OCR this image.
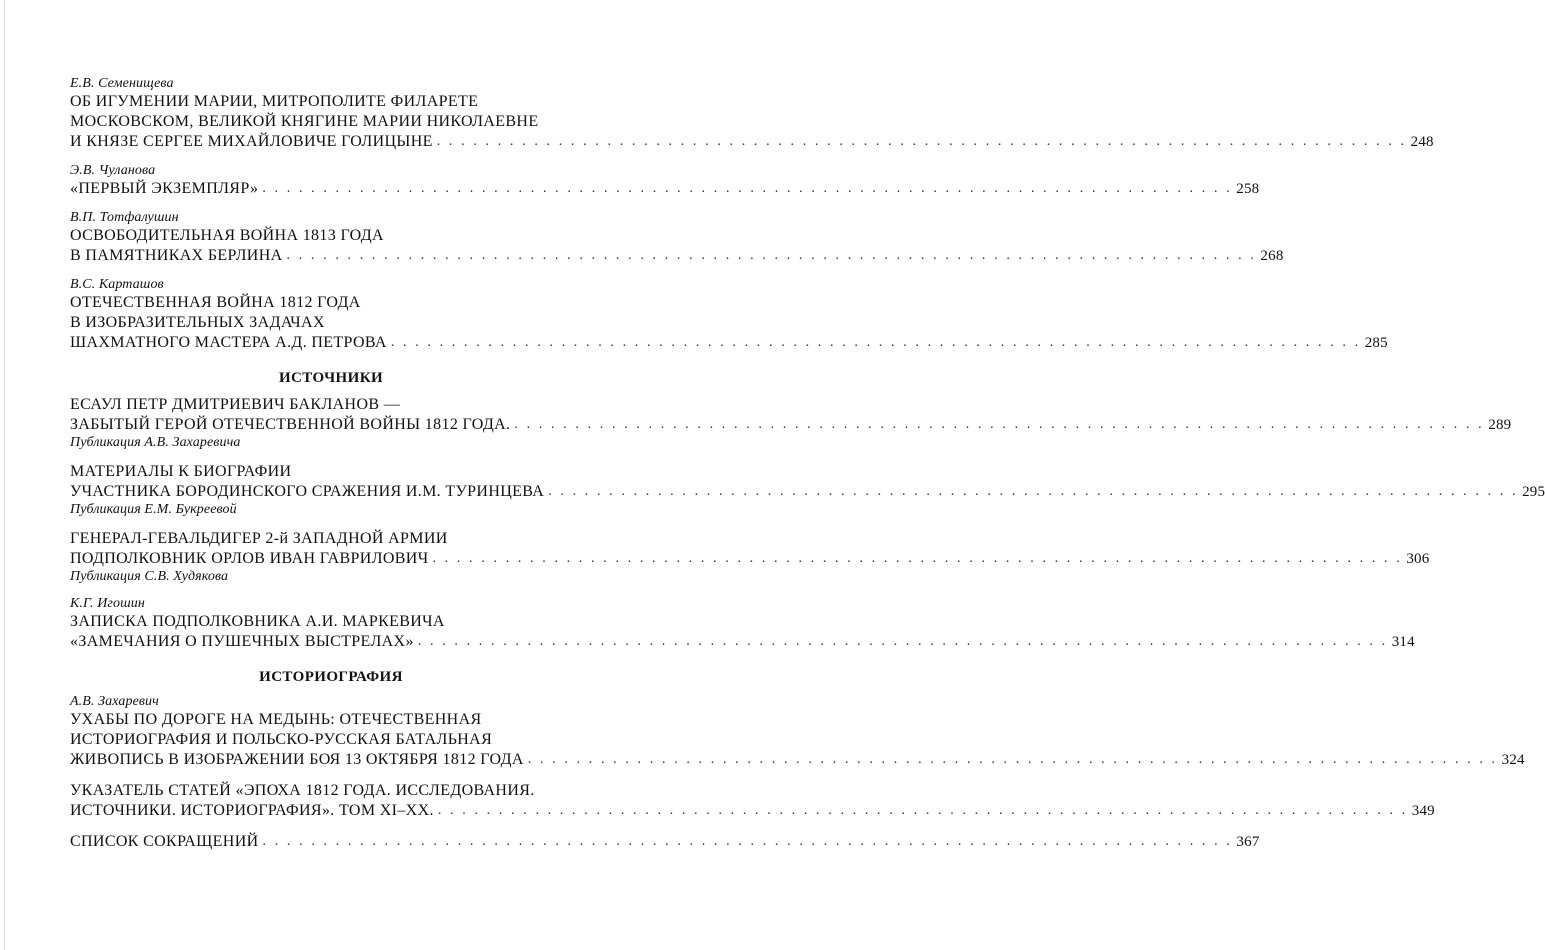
Е.В. Семенищева
ОБ ИГУМЕНИИ МАРИИ, МИТРОПОЛИТЕ ФИЛАРЕТЕ
МОСКОВСКОМ, ВЕЛИКОЙ КНЯГИНЕ МАРИИ НИКОЛАЕВНЕ
И КНЯЗЕ СЕРГЕЕ МИХАЙЛОВИЧЕ ГОЛИЦЫНЕ . . . . . . . . . . . . . . . . . . . . . . . . . . . . . . . . . . . . . . . . . . . . . . . . . . . . . . . . . . . . . . . . . . . . . . . . . . . . . . . . 248
Э.В. Чуланова
«ПЕРВЫЙ ЭКЗЕМПЛЯР» . . . . . . . . . . . . . . . . . . . . . . . . . . . . . . . . . . . . . . . . . . . . . . . . . . . . . . . . . . . . . . . . . . . . . . . . . . . . . . . . 258
В.П. Тотфалушин
ОСВОБОДИТЕЛЬНАЯ ВОЙНА 1813 ГОДА
В ПАМЯТНИКАХ БЕРЛИНА . . . . . . . . . . . . . . . . . . . . . . . . . . . . . . . . . . . . . . . . . . . . . . . . . . . . . . . . . . . . . . . . . . . . . . . . . . . . . . . . 268
В.С. Карташов
ОТЕЧЕСТВЕННАЯ ВОЙНА 1812 ГОДА
В ИЗОБРАЗИТЕЛЬНЫХ ЗАДАЧАХ
ШАХМАТНОГО МАСТЕРА А.Д. ПЕТРОВА . . . . . . . . . . . . . . . . . . . . . . . . . . . . . . . . . . . . . . . . . . . . . . . . . . . . . . . . . . . . . . . . . . . . . . . . . . . . . . . . 285
ИСТОЧНИКИ
ЕСАУЛ ПЕТР ДМИТРИЕВИЧ БАКЛАНОВ —
ЗАБЫТЫЙ ГЕРОЙ ОТЕЧЕСТВЕННОЙ ВОЙНЫ 1812 ГОДА. . . . . . . . . . . . . . . . . . . . . . . . . . . . . . . . . . . . . . . . . . . . . . . . . . . . . . . . . . . . . . . . . . . . . . . . . . . . . . . . . 289
Публикация А.В. Захаревича
МАТЕРИАЛЫ К БИОГРАФИИ
УЧАСТНИКА БОРОДИНСКОГО СРАЖЕНИЯ И.М. ТУРИНЦЕВА . . . . . . . . . . . . . . . . . . . . . . . . . . . . . . . . . . . . . . . . . . . . . . . . . . . . . . . . . . . . . . . . . . . . . . . . . . . . . . . . 295
Публикация Е.М. Букреевой
ГЕНЕРАЛ-ГЕВАЛЬДИГЕР 2-й ЗАПАДНОЙ АРМИИ
ПОДПОЛКОВНИК ОРЛОВ ИВАН ГАВРИЛОВИЧ . . . . . . . . . . . . . . . . . . . . . . . . . . . . . . . . . . . . . . . . . . . . . . . . . . . . . . . . . . . . . . . . . . . . . . . . . . . . . . . . 306
Публикация С.В. Худякова
К.Г. Игошин
ЗАПИСКА ПОДПОЛКОВНИКА А.И. МАРКЕВИЧА
«ЗАМЕЧАНИЯ О ПУШЕЧНЫХ ВЫСТРЕЛАХ» . . . . . . . . . . . . . . . . . . . . . . . . . . . . . . . . . . . . . . . . . . . . . . . . . . . . . . . . . . . . . . . . . . . . . . . . . . . . . . . . 314
ИСТОРИОГРАФИЯ
А.В. Захаревич
УХАБЫ ПО ДОРОГЕ НА МЕДЫНЬ: ОТЕЧЕСТВЕННАЯ
ИСТОРИОГРАФИЯ И ПОЛЬСКО-РУССКАЯ БАТАЛЬНАЯ
ЖИВОПИСЬ В ИЗОБРАЖЕНИИ БОЯ 13 ОКТЯБРЯ 1812 ГОДА . . . . . . . . . . . . . . . . . . . . . . . . . . . . . . . . . . . . . . . . . . . . . . . . . . . . . . . . . . . . . . . . . . . . . . . . . . . . . . . . 324
УКАЗАТЕЛЬ СТАТЕЙ «ЭПОХА 1812 ГОДА. ИССЛЕДОВАНИЯ.
ИСТОЧНИКИ. ИСТОРИОГРАФИЯ». ТОМ XI–XX. . . . . . . . . . . . . . . . . . . . . . . . . . . . . . . . . . . . . . . . . . . . . . . . . . . . . . . . . . . . . . . . . . . . . . . . . . . . . . . . . 349
СПИСОК СОКРАЩЕНИЙ . . . . . . . . . . . . . . . . . . . . . . . . . . . . . . . . . . . . . . . . . . . . . . . . . . . . . . . . . . . . . . . . . . . . . . . . . . . . . . . . 367
